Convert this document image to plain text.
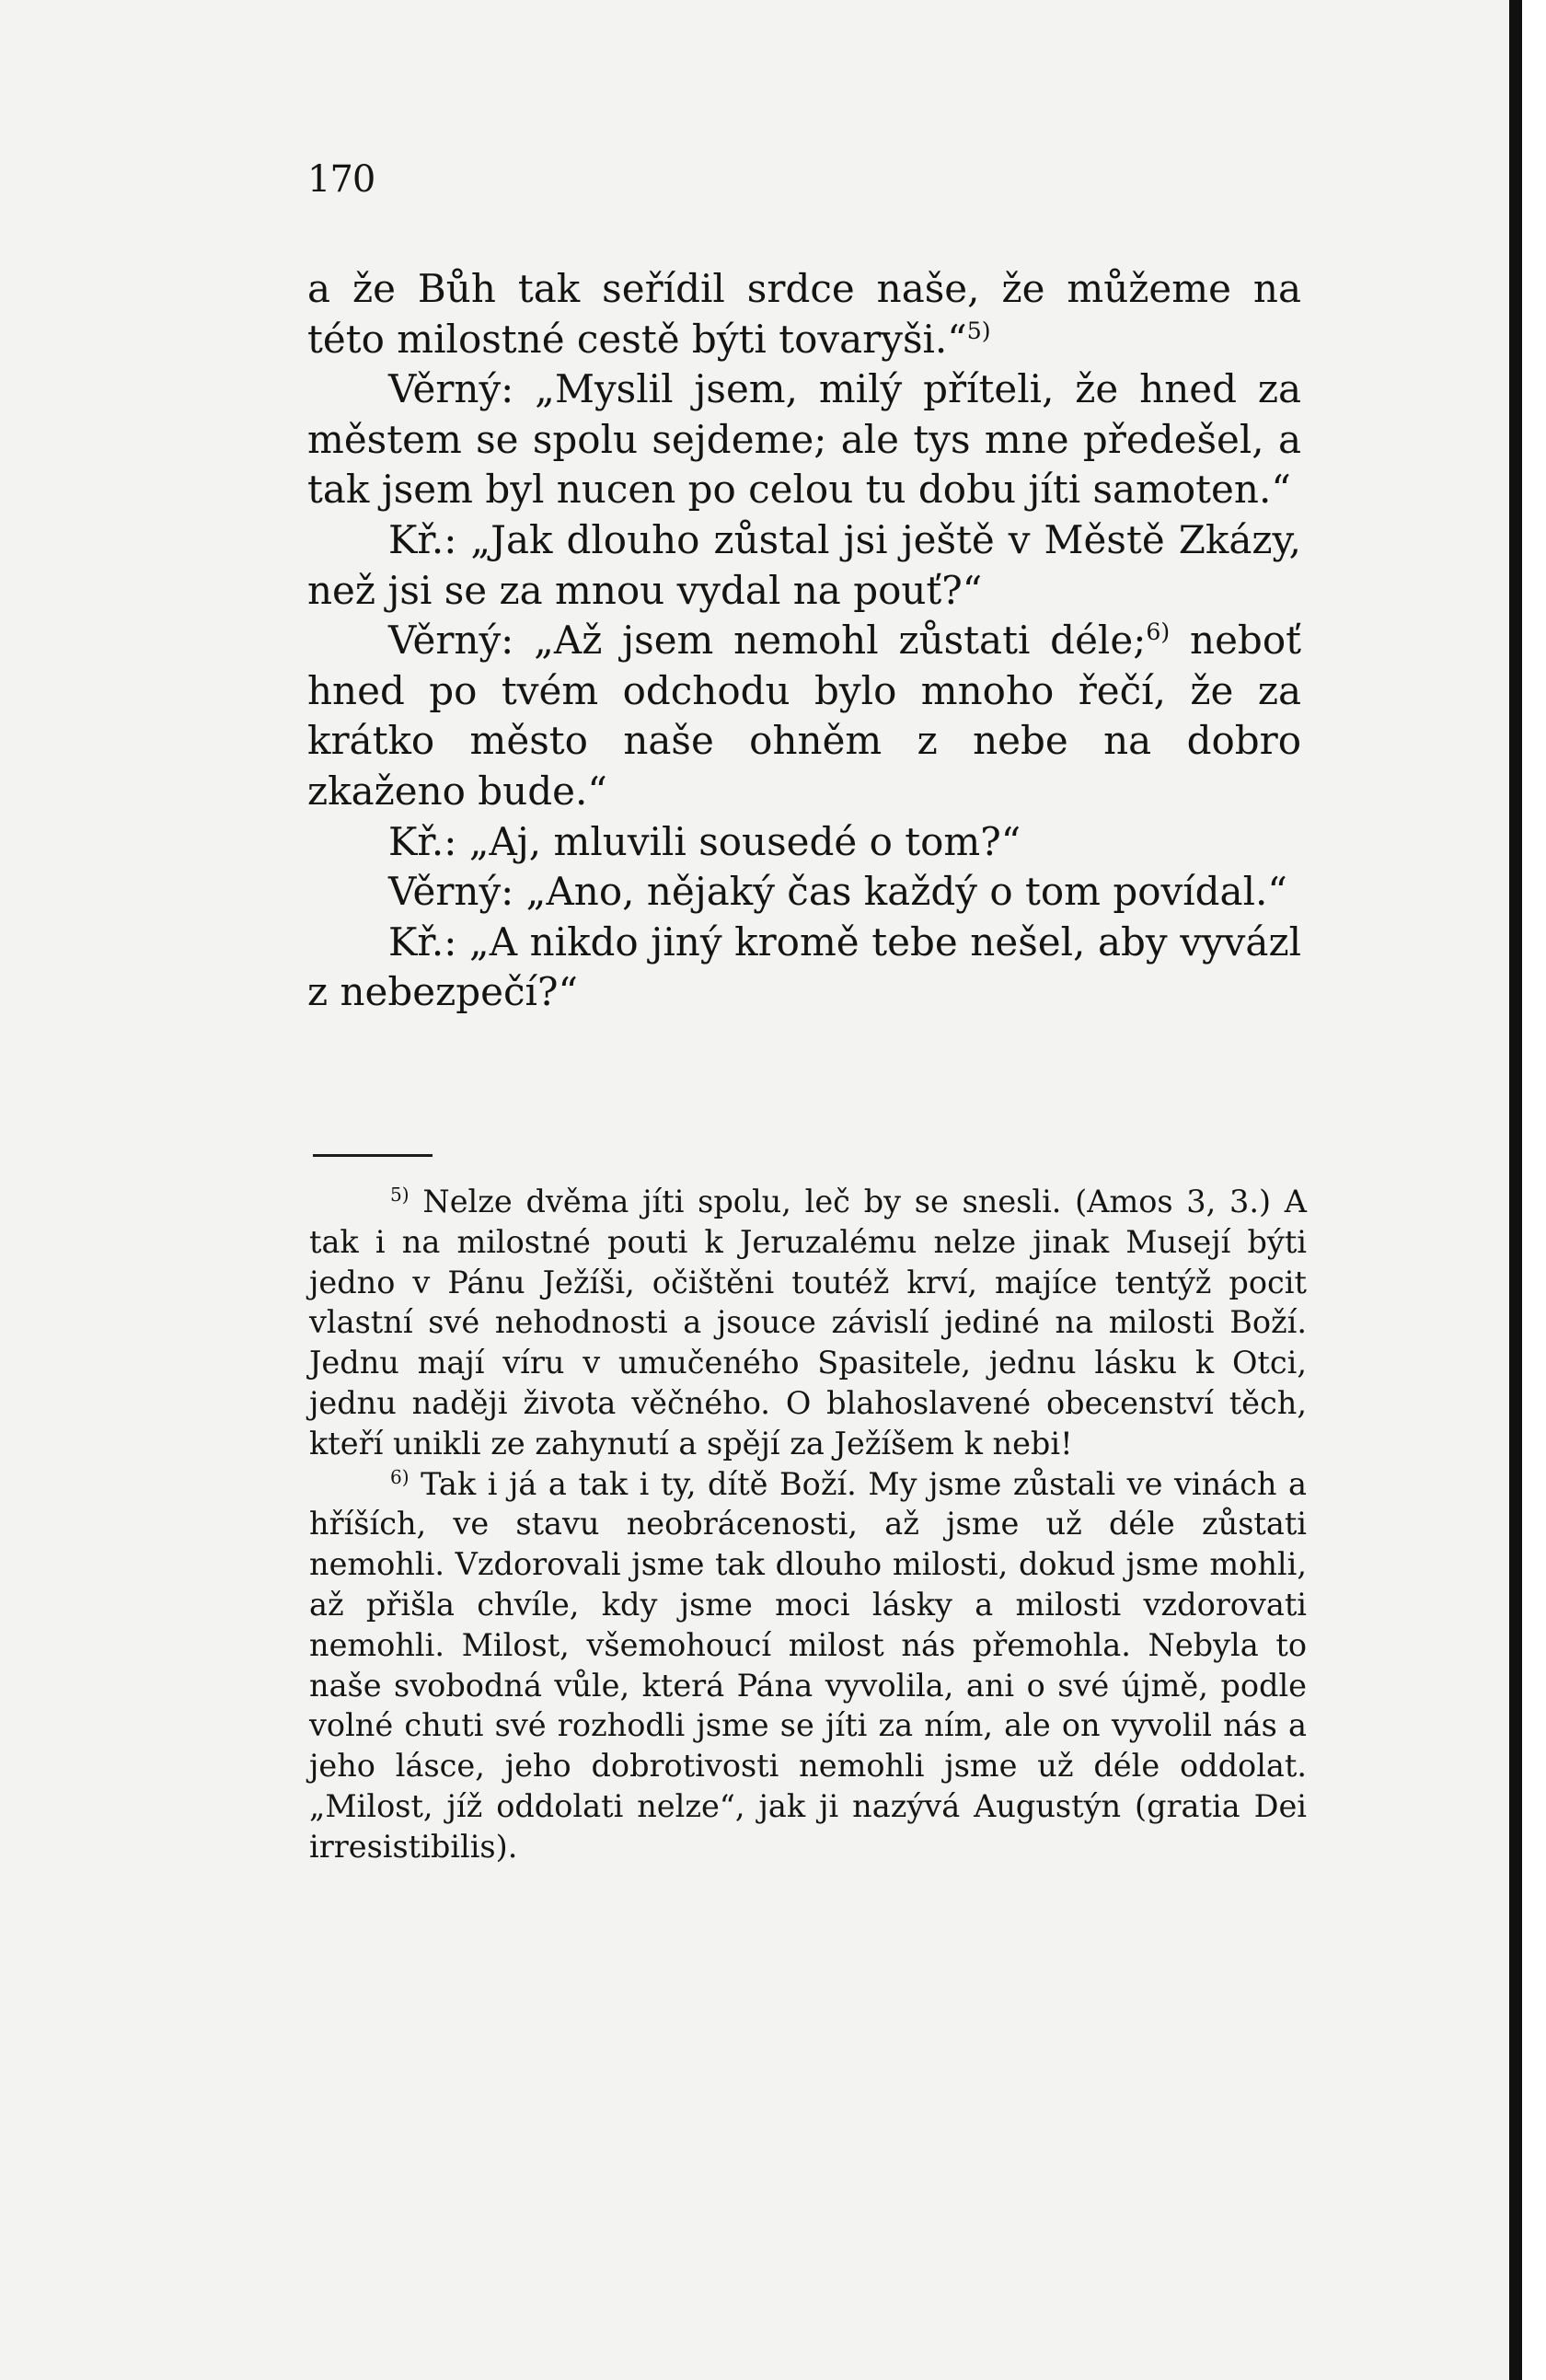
170

a že Bůh tak seřídil srdce naše, že můžeme na této milostné cestě býti tovaryši.“$^{5)}$

Věrný: „Myslil jsem, milý příteli, že hned za městem se spolu sejdeme; ale tys mne předešel, a tak jsem byl nucen po celou tu dobu jíti samoten.“

Kř.: „Jak dlouho zůstal jsi ještě v Městě Zkázy, než jsi se za mnou vydal na pouť?“

Věrný: „Až jsem nemohl zůstati déle;$^{6)}$ neboť hned po tvém odchodu bylo mnoho řečí, že za krátko město naše ohněm z nebe na dobro zkaženo bude.“

Kř.: „Aj, mluvili sousedé o tom?“

Věrný: „Ano, nějaký čas každý o tom povídal.“

Kř.: „A nikdo jiný kromě tebe nešel, aby vyvázl z nebezpečí?“

$^{5)}$ Nelze dvěma jíti spolu, leč by se snesli. (Amos 3, 3.) A tak i na milostné pouti k Jeruzalému nelze jinak Musejí býti jedno v Pánu Ježíši, očištěni toutéž krví, majíce tentýž pocit vlastní své nehodnosti a jsouce závislí jediné na milosti Boží. Jednu mají víru v umučeného Spasitele, jednu lásku k Otci, jednu naději života věčného. O blahoslavené obecenství těch, kteří unikli ze zahynutí a spějí za Ježíšem k nebi!

$^{6)}$ Tak i já a tak i ty, dítě Boží. My jsme zůstali ve vinách a hříších, ve stavu neobrácenosti, až jsme už déle zůstati nemohli. Vzdorovali jsme tak dlouho milosti, dokud jsme mohli, až přišla chvíle, kdy jsme moci lásky a milosti vzdorovati nemohli. Milost, všemohoucí milost nás přemohla. Nebyla to naše svobodná vůle, která Pána vyvolila, ani o své újmě, podle volné chuti své rozhodli jsme se jíti za ním, ale on vyvolil nás a jeho lásce, jeho dobrotivosti nemohli jsme už déle oddolat. „Milost, jíž oddolati nelze“, jak ji nazývá Augustýn (gratia Dei irresistibilis).
